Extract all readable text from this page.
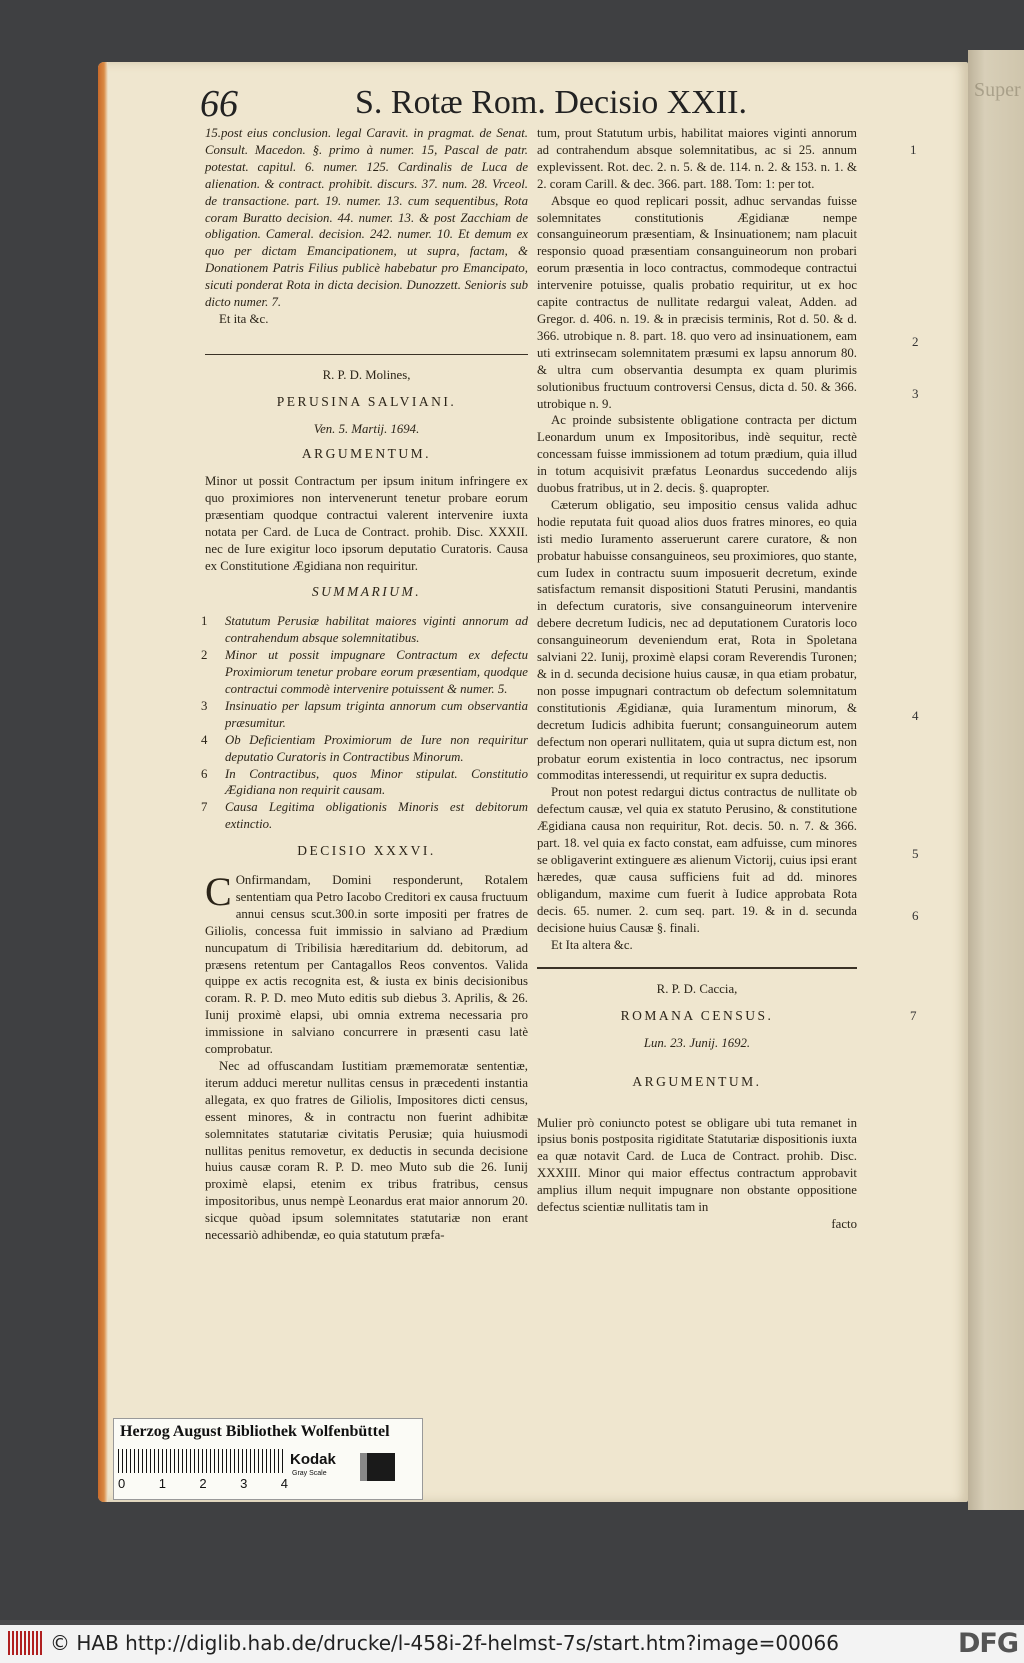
Super
66	S. Rotæ Rom. Decisio XXII.

15.post eius conclusion. legal Caravit. in pragmat. de Senat. Consult. Macedon. §. primo à numer. 15, Pascal de patr. potestat. capitul. 6. numer. 125. Cardinalis de Luca de alienation. & contract. prohibit. discurs. 37. num. 28. Vrceol. de transactione. part. 19. numer. 13. cum sequentibus, Rota coram Buratto decision. 44. numer. 13. & post Zacchiam de obligation. Cameral. decision. 242. numer. 10. Et demum ex quo per dictam Emancipationem, ut supra, factam, & Donationem Patris Filius publicè habebatur pro Emancipato, sicuti ponderat Rota in dicta decision. Dunozzett. Senioris sub dicto numer. 7.

Et ita &c.

R. P. D. Molines,

PERUSINA SALVIANI.

Ven. 5. Martij. 1694.

ARGUMENTUM.

Minor ut possit Contractum per ipsum initum infringere ex quo proximiores non intervenerunt tenetur probare eorum præsentiam quodque contractui valerent intervenire iuxta notata per Card. de Luca de Contract. prohib. Disc. XXXII. nec de Iure exigitur loco ipsorum deputatio Curatoris. Causa ex Constitutione Ægidiana non requiritur.

SUMMARIUM.

1 Statutum Perusiæ habilitat maiores viginti annorum ad contrahendum absque solemnitatibus.

2 Minor ut possit impugnare Contractum ex defectu Proximiorum tenetur probare eorum præsentiam, quodque contractui commodè intervenire potuissent & numer. 5.

3 Insinuatio per lapsum triginta annorum cum observantia præsumitur.

4 Ob Deficientiam Proximiorum de Iure non requiritur deputatio Curatoris in Contractibus Minorum.

6 In Contractibus, quos Minor stipulat. Constitutio Ægidiana non requirit causam.

7 Causa Legitima obligationis Minoris est debitorum extinctio.

DECISIO XXXVI.

C Onfirmandam, Domini responderunt, Rotalem sententiam qua Petro Iacobo Creditori ex causa fructuum annui census scut.300.in sorte impositi per fratres de Giliolis, concessa fuit immissio in salviano ad Prædium nuncupatum di Tribilisia hæreditarium dd. debitorum, ad præsens retentum per Cantagallos Reos conventos. Valida quippe ex actis recognita est, & iusta ex binis decisionibus coram. R. P. D. meo Muto editis sub diebus 3. Aprilis, & 26. Iunij proximè elapsi, ubi omnia extrema necessaria pro immissione in salviano concurrere in præsenti casu latè comprobatur.

Nec ad offuscandam Iustitiam præmemoratæ sententiæ, iterum adduci meretur nullitas census in præcedenti instantia allegata, ex quo fratres de Giliolis, Impositores dicti census, essent minores, & in contractu non fuerint adhibitæ solemnitates statutariæ civitatis Perusiæ; quia huiusmodi nullitas penitus removetur, ex deductis in secunda decisione huius causæ coram R. P. D. meo Muto sub die 26. Iunij proximè elapsi, etenim ex tribus fratribus, census impositoribus, unus nempè Leonardus erat maior annorum 20. sicque quòad ipsum solemnitates statutariæ non erant necessariò adhibendæ, eo quia statutum præfa-

tum, prout Statutum urbis, habilitat maiores viginti annorum ad contrahendum absque solemnitatibus, ac si 25. annum explevissent. Rot. dec. 2. n. 5. & de. 114. n. 2. & 153. n. 1. & 2. coram Carill. & dec. 366. part. 188. Tom: 1: per tot.

Absque eo quod replicari possit, adhuc servandas fuisse solemnitates constitutionis Ægidianæ nempe consanguineorum præsentiam, & Insinuationem; nam placuit responsio quoad præsentiam consanguineorum non probari eorum præsentia in loco contractus, commodeque contractui intervenire potuisse, qualis probatio requiritur, ut ex hoc capite contractus de nullitate redargui valeat, Adden. ad Gregor. d. 406. n. 19. & in præcisis terminis, Rot d. 50. & d. 366. utrobique n. 8. part. 18. quo vero ad insinuationem, eam uti extrinsecam solemnitatem præsumi ex lapsu annorum 80. & ultra cum observantia desumpta ex quam plurimis solutionibus fructuum controversi Census, dicta d. 50. & 366. utrobique n. 9.

Ac proinde subsistente obligatione contracta per dictum Leonardum unum ex Impositoribus, indè sequitur, rectè concessam fuisse immissionem ad totum prædium, quia illud in totum acquisivit præfatus Leonardus succedendo alijs duobus fratribus, ut in 2. decis. §. quapropter.

Cæterum obligatio, seu impositio census valida adhuc hodie reputata fuit quoad alios duos fratres minores, eo quia isti medio Iuramento asseruerunt carere curatore, & non probatur habuisse consanguineos, seu proximiores, quo stante, cum Iudex in contractu suum imposuerit decretum, exinde satisfactum remansit dispositioni Statuti Perusini, mandantis in defectum curatoris, sive consanguineorum intervenire debere decretum Iudicis, nec ad deputationem Curatoris loco consanguineorum deveniendum erat, Rota in Spoletana salviani 22. Iunij, proximè elapsi coram Reverendis Turonen; & in d. secunda decisione huius causæ, in qua etiam probatur, non posse impugnari contractum ob defectum solemnitatum constitutionis Ægidianæ, quia Iuramentum minorum, & decretum Iudicis adhibita fuerunt; consanguineorum autem defectum non operari nullitatem, quia ut supra dictum est, non probatur eorum existentia in loco contractus, nec ipsorum commoditas interessendi, ut requiritur ex supra deductis.

Prout non potest redargui dictus contractus de nullitate ob defectum causæ, vel quia ex statuto Perusino, & constitutione Ægidiana causa non requiritur, Rot. decis. 50. n. 7. & 366. part. 18. vel quia ex facto constat, eam adfuisse, cum minores se obligaverint extinguere æs alienum Victorij, cuius ipsi erant hæredes, quæ causa sufficiens fuit ad dd. minores obligandum, maxime cum fuerit à Iudice approbata Rota decis. 65. numer. 2. cum seq. part. 19. & in d. secunda decisione huius Causæ §. finali.

Et Ita altera &c.

R. P. D. Caccia,

ROMANA CENSUS.

Lun. 23. Junij. 1692.

ARGUMENTUM.

Mulier prò coniuncto potest se obligare ubi tuta remanet in ipsius bonis postposita rigiditate Statutariæ dispositionis iuxta ea quæ notavit Card. de Luca de Contract. prohib. Disc. XXXIII. Minor qui maior effectus contractum approbavit amplius illum nequit impugnare non obstante oppositione defectus scientiæ nullitatis tam in

facto

1
2
3
4
5
6
7
Herzog August Bibliothek Wolfenbüttel
0	1	2	3	4
Kodak
Gray Scale
© HAB http://diglib.hab.de/drucke/l-458i-2f-helmst-7s/start.htm?image=00066	DFG
